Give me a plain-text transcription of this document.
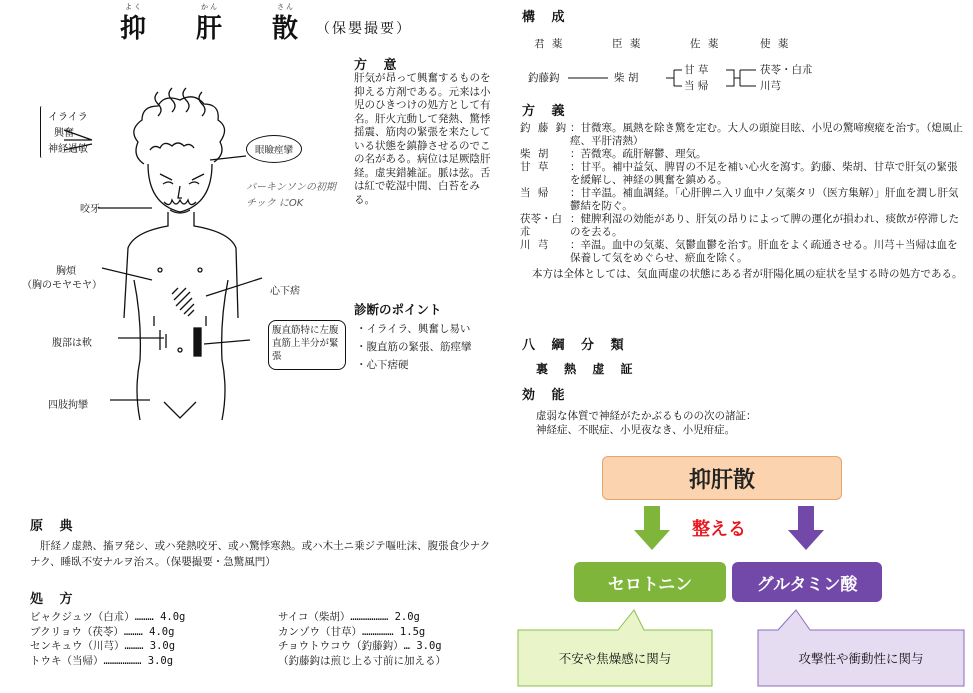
よく
抑
かん
肝
さん
散 （保嬰撮要）
イライラ
興奮
神経過敏	眼瞼痙攣
パーキンソンの初期 チック にOK
咬牙
胸煩
（胸のモヤモヤ）
心下痞
腹部は軟
腹直筋特に左腹直筋上半分が緊張
四肢拘攣
方 意
肝気が昂って興奮するものを抑える方剤である。元来は小児のひきつけの処方として有名。肝火亢動して発熱、驚悸揺震、筋肉の緊張を来たしている状態を鎮静させるのでこの名がある。病位は足厥陰肝経。虚実錯雑証。脈は弦。舌は紅で乾湿中間、白苔をみる。
診断のポイント
・イライラ、興奮し易い
・腹直筋の緊張、筋痙攣
・心下痞硬
原 典
肝経ノ虚熱、搐ヲ発シ、或ハ発熱咬牙、或ハ驚悸寒熱。或ハ木土ニ乗ジテ嘔吐沫、腹張食少ナクナク、睡臥不安ナルヲ治ス。（保嬰撮要・急驚風門）
処 方
ビャクジュツ（白朮）……… 4.0g
ブクリョウ（茯苓）……… 4.0g
センキュウ（川芎）……… 3.0g
トウキ（当帰）……………… 3.0g
サイコ（柴胡）……………… 2.0g
カンゾウ（甘草）…………… 1.5g
チョウトウコウ（釣藤鈎）… 3.0g
（釣藤鈎は煎じ上る寸前に加える）
構 成
君 薬	臣 薬	佐 薬	使 薬
釣藤鈎	柴 胡
甘 草
当 帰
茯苓・白朮
川芎
方 義
釣 藤 鈎 ：甘微寒。風熱を除き驚を定む。大人の頭旋目眩、小児の驚啼瘈瘲を治す。（熄風止痙、平肝清熱）
柴 胡	：苦微寒。疏肝解鬱、理気。
甘 草	：甘平。補中益気、脾胃の不足を補い心火を瀉す。釣藤、柴胡、甘草で肝気の緊張を緩解し、神経の興奮を鎮める。
当 帰	：甘辛温。補血調経。「心肝脾ニ入リ血中ノ気薬タリ（医方集解）」肝血を潤し肝気鬱結を防ぐ。
茯苓・白朮
：健脾利湿の効能があり、肝気の昂りによって脾の運化が損われ、痰飲が停滞したのを去る。
川 芎	：辛温。血中の気薬、気鬱血鬱を治す。肝血をよく疏通させる。川芎＋当帰は血を保養して気をめぐらせ、瘀血を除く。
本方は全体としては、気血両虚の状態にある者が肝陽化風の症状を呈する時の処方である。
八 綱 分 類
裏 熱 虚 証
効 能
虚弱な体質で神経がたかぶるものの次の諸証：
神経症、不眠症、小児夜なき、小児疳症。
抑肝散
整える
セロトニン	グルタミン酸
不安や焦燥感に関与	攻撃性や衝動性に関与
